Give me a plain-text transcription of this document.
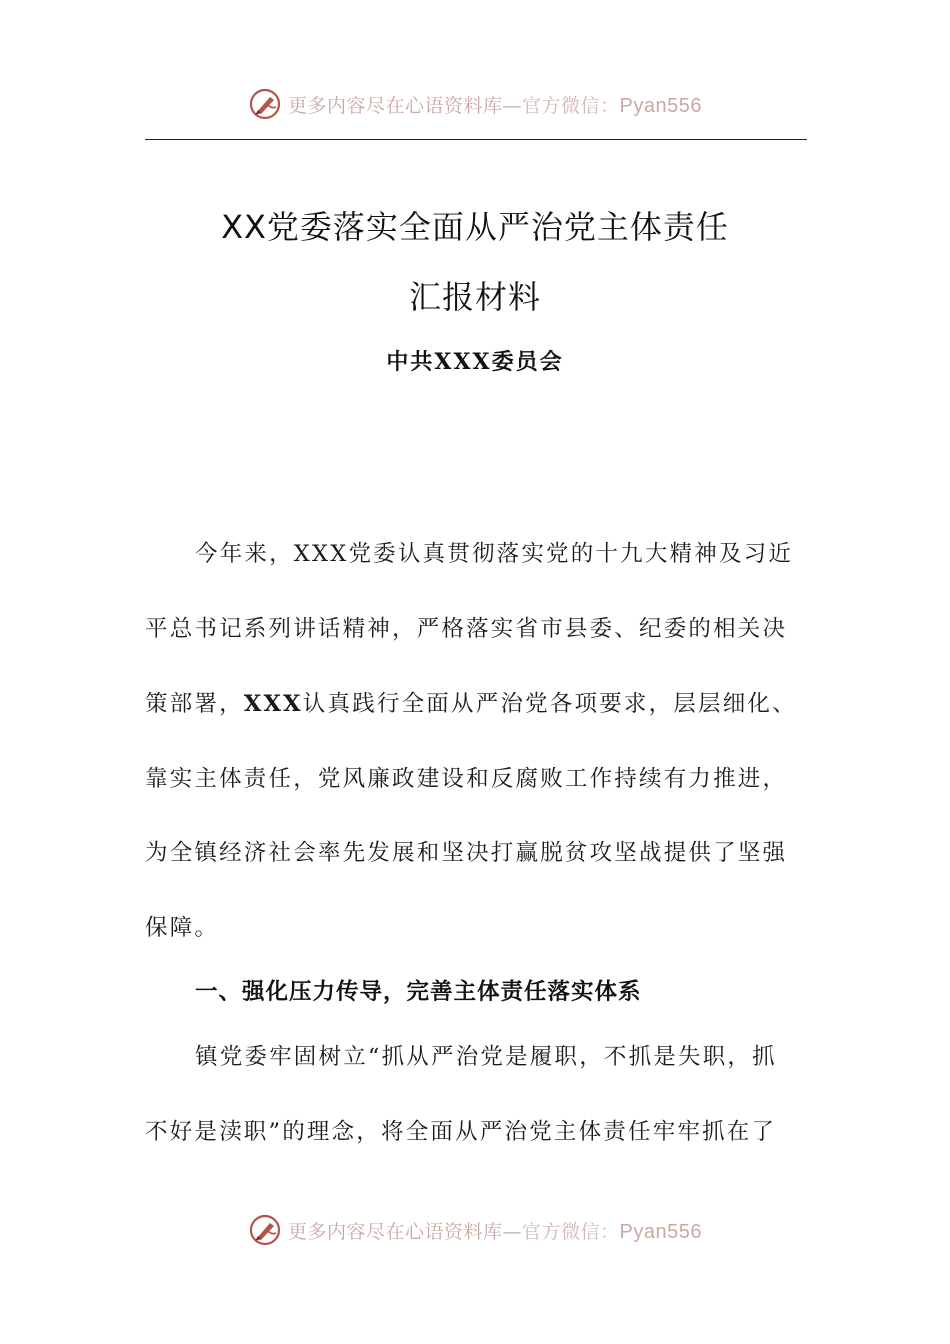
更多内容尽在心语资料库—官方微信：Pyan556
XX党委落实全面从严治党主体责任
汇报材料
中共XXX委员会
今年来，XXX党委认真贯彻落实党的十九大精神及习近
平总书记系列讲话精神，严格落实省市县委、纪委的相关决
策部署，XXX认真践行全面从严治党各项要求，层层细化、
靠实主体责任，党风廉政建设和反腐败工作持续有力推进，
为全镇经济社会率先发展和坚决打赢脱贫攻坚战提供了坚强
保障。
一、强化压力传导，完善主体责任落实体系
镇党委牢固树立“抓从严治党是履职，不抓是失职，抓
不好是渎职”的理念，将全面从严治党主体责任牢牢抓在了
更多内容尽在心语资料库—官方微信：Pyan556
